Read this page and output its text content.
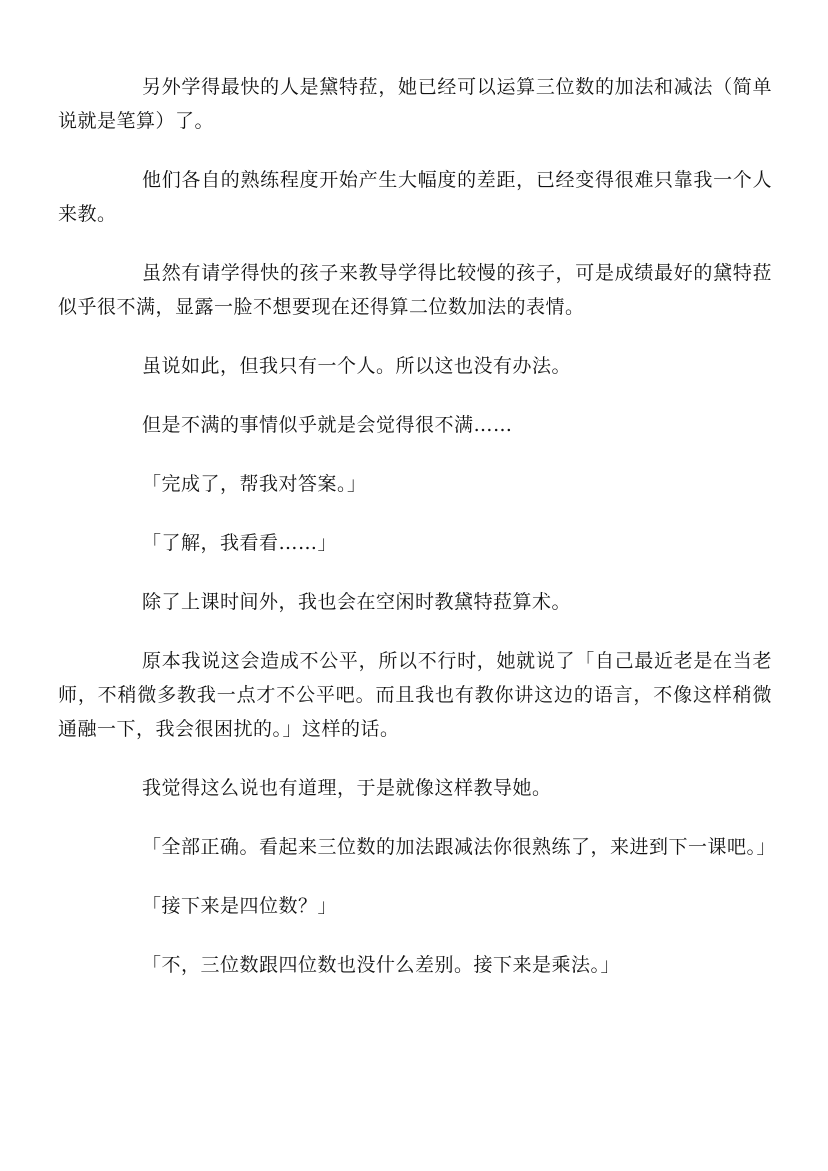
另外学得最快的人是黛特菈，她已经可以运算三位数的加法和减法（简单说就是笔算）了。

他们各自的熟练程度开始产生大幅度的差距，已经变得很难只靠我一个人来教。

虽然有请学得快的孩子来教导学得比较慢的孩子，可是成绩最好的黛特菈似乎很不满，显露一脸不想要现在还得算二位数加法的表情。

虽说如此，但我只有一个人。所以这也没有办法。

但是不满的事情似乎就是会觉得很不满……

「完成了，帮我对答案。」

「了解，我看看……」

除了上课时间外，我也会在空闲时教黛特菈算术。

原本我说这会造成不公平，所以不行时，她就说了「自己最近老是在当老师，不稍微多教我一点才不公平吧。而且我也有教你讲这边的语言，不像这样稍微通融一下，我会很困扰的。」这样的话。

我觉得这么说也有道理，于是就像这样教导她。

「全部正确。看起来三位数的加法跟减法你很熟练了，来进到下一课吧。」

「接下来是四位数？」

「不，三位数跟四位数也没什么差别。接下来是乘法。」
